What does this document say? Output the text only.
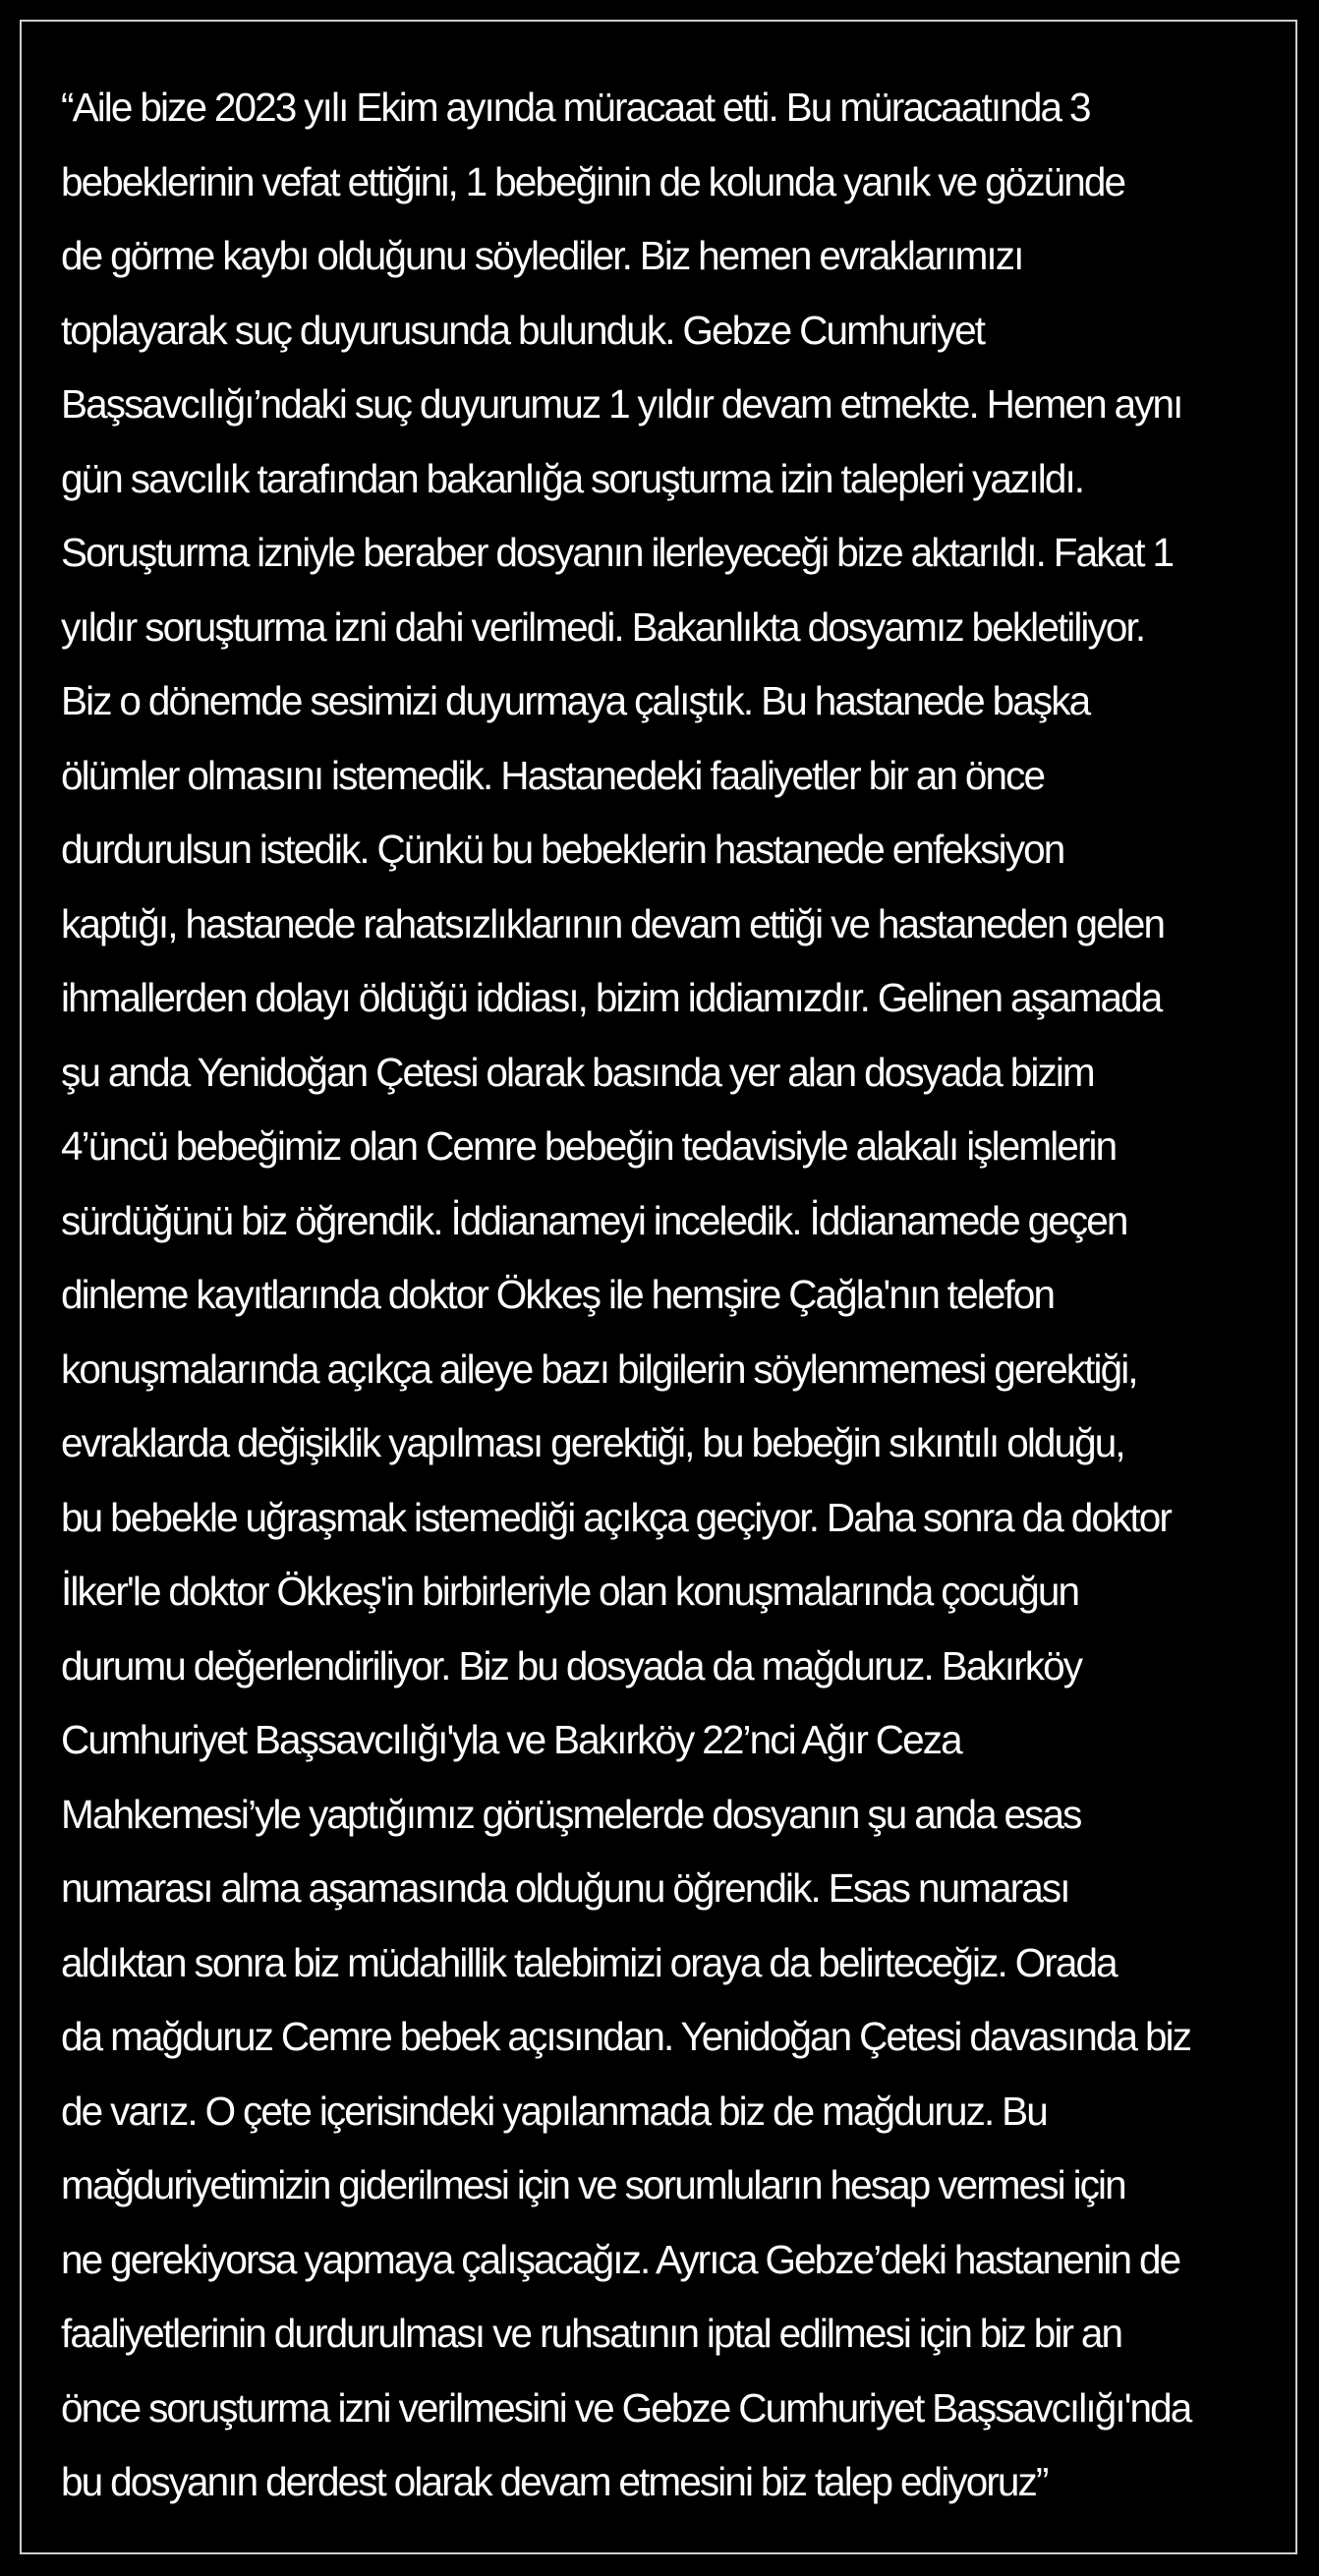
“Aile bize 2023 yılı Ekim ayında müracaat etti. Bu müracaatında 3
bebeklerinin vefat ettiğini, 1 bebeğinin de kolunda yanık ve gözünde
de görme kaybı olduğunu söylediler. Biz hemen evraklarımızı
toplayarak suç duyurusunda bulunduk. Gebze Cumhuriyet
Başsavcılığı’ndaki suç duyurumuz 1 yıldır devam etmekte. Hemen aynı
gün savcılık tarafından bakanlığa soruşturma izin talepleri yazıldı.
Soruşturma izniyle beraber dosyanın ilerleyeceği bize aktarıldı. Fakat 1
yıldır soruşturma izni dahi verilmedi. Bakanlıkta dosyamız bekletiliyor.
Biz o dönemde sesimizi duyurmaya çalıştık. Bu hastanede başka
ölümler olmasını istemedik. Hastanedeki faaliyetler bir an önce
durdurulsun istedik. Çünkü bu bebeklerin hastanede enfeksiyon
kaptığı, hastanede rahatsızlıklarının devam ettiği ve hastaneden gelen
ihmallerden dolayı öldüğü iddiası, bizim iddiamızdır. Gelinen aşamada
şu anda Yenidoğan Çetesi olarak basında yer alan dosyada bizim
4’üncü bebeğimiz olan Cemre bebeğin tedavisiyle alakalı işlemlerin
sürdüğünü biz öğrendik. İddianameyi inceledik. İddianamede geçen
dinleme kayıtlarında doktor Ökkeş ile hemşire Çağla'nın telefon
konuşmalarında açıkça aileye bazı bilgilerin söylenmemesi gerektiği,
evraklarda değişiklik yapılması gerektiği, bu bebeğin sıkıntılı olduğu,
bu bebekle uğraşmak istemediği açıkça geçiyor. Daha sonra da doktor
İlker'le doktor Ökkeş'in birbirleriyle olan konuşmalarında çocuğun
durumu değerlendiriliyor. Biz bu dosyada da mağduruz. Bakırköy
Cumhuriyet Başsavcılığı'yla ve Bakırköy 22’nci Ağır Ceza
Mahkemesi’yle yaptığımız görüşmelerde dosyanın şu anda esas
numarası alma aşamasında olduğunu öğrendik. Esas numarası
aldıktan sonra biz müdahillik talebimizi oraya da belirteceğiz. Orada
da mağduruz Cemre bebek açısından. Yenidoğan Çetesi davasında biz
de varız. O çete içerisindeki yapılanmada biz de mağduruz. Bu
mağduriyetimizin giderilmesi için ve sorumluların hesap vermesi için
ne gerekiyorsa yapmaya çalışacağız. Ayrıca Gebze’deki hastanenin de
faaliyetlerinin durdurulması ve ruhsatının iptal edilmesi için biz bir an
önce soruşturma izni verilmesini ve Gebze Cumhuriyet Başsavcılığı'nda
bu dosyanın derdest olarak devam etmesini biz talep ediyoruz”
